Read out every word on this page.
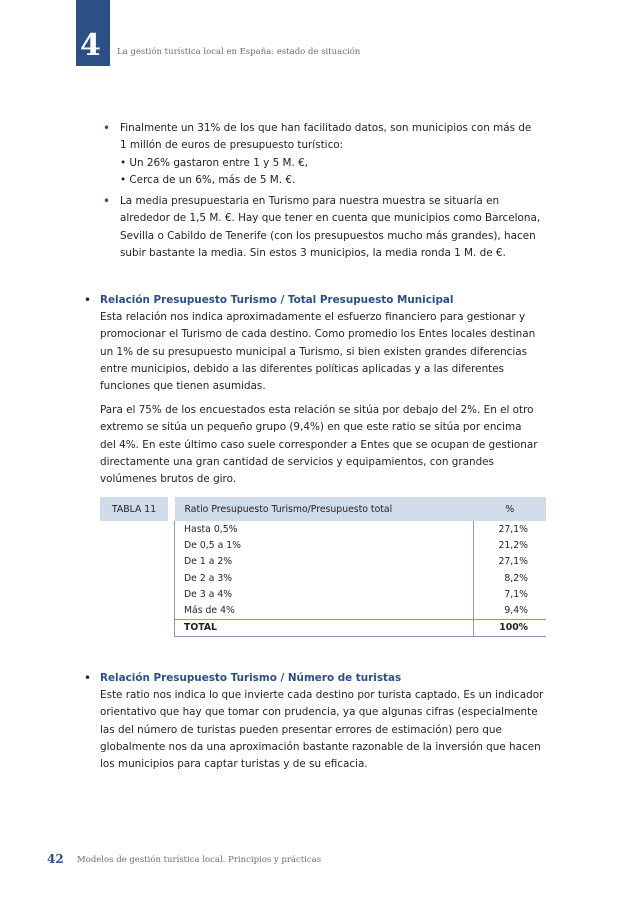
4 La gestión turística local en España: estado de situación
• Finalmente un 31% de los que han facilitado datos, son municipios con más de

1 millón de euros de presupuesto turístico:

• Un 26% gastaron entre 1 y 5 M. €,

• Cerca de un 6%, más de 5 M. €.

• La media presupuestaria en Turismo para nuestra muestra se situaría en

alrededor de 1,5 M. €. Hay que tener en cuenta que municipios como Barcelona,

Sevilla o Cabildo de Tenerife (con los presupuestos mucho más grandes), hacen

subir bastante la media. Sin estos 3 municipios, la media ronda 1 M. de €.

• Relación Presupuesto Turismo / Total Presupuesto Municipal

Esta relación nos indica aproximadamente el esfuerzo financiero para gestionar y

promocionar el Turismo de cada destino. Como promedio los Entes locales destinan

un 1% de su presupuesto municipal a Turismo, si bien existen grandes diferencias

entre municipios, debido a las diferentes políticas aplicadas y a las diferentes

funciones que tienen asumidas.

Para el 75% de los encuestados esta relación se sitúa por debajo del 2%. En el otro

extremo se sitúa un pequeño grupo (9,4%) en que este ratio se sitúa por encima

del 4%. En este último caso suele corresponder a Entes que se ocupan de gestionar

directamente una gran cantidad de servicios y equipamientos, con grandes

volúmenes brutos de giro.

TABLA 11		Ratio Presupuesto Turismo/Presupuesto total	%
		Hasta 0,5%	27,1%
		De 0,5 a 1%	21,2%
		De 1 a 2%	27,1%
		De 2 a 3%	8,2%
		De 3 a 4%	7,1%
		Más de 4%	9,4%
		TOTAL	100%
• Relación Presupuesto Turismo / Número de turistas

Este ratio nos indica lo que invierte cada destino por turista captado. Es un indicador

orientativo que hay que tomar con prudencia, ya que algunas cifras (especialmente

las del número de turistas pueden presentar errores de estimación) pero que

globalmente nos da una aproximación bastante razonable de la inversión que hacen

los municipios para captar turistas y de su eficacia.

42 Modelos de gestión turística local. Principios y prácticas
